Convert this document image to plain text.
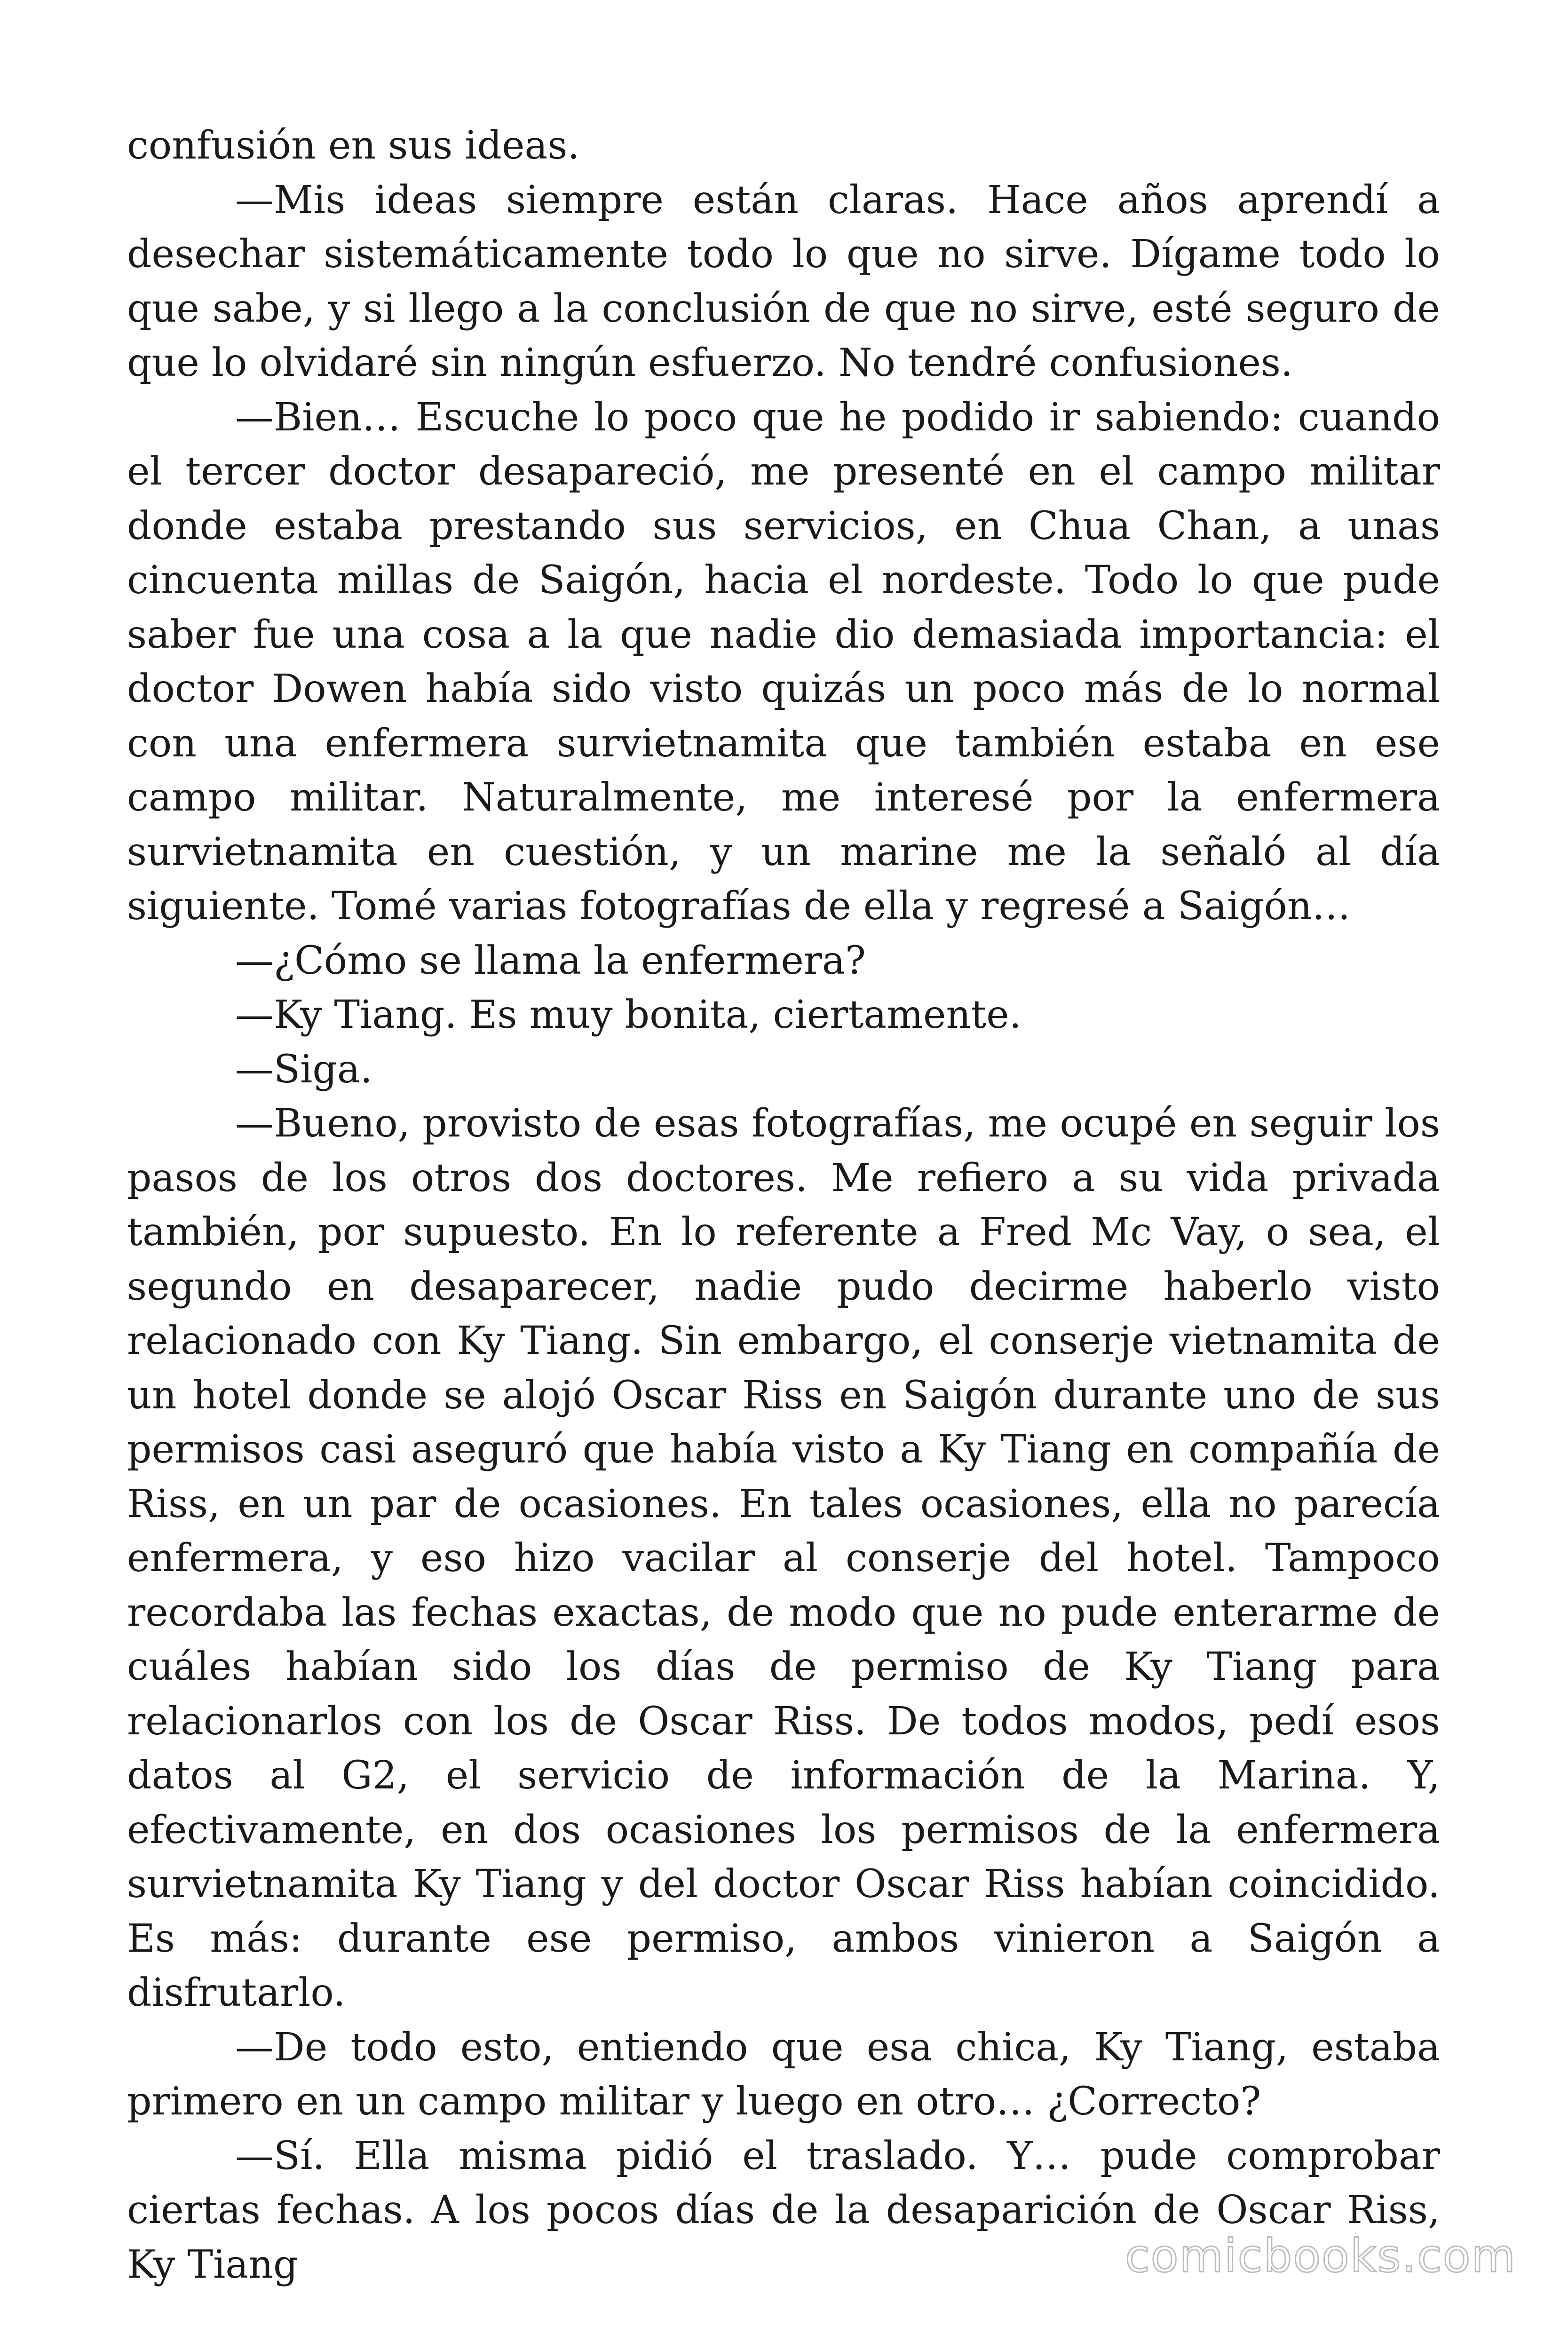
confusión en sus ideas.

—Mis ideas siempre están claras. Hace años aprendí a desechar sistemáticamente todo lo que no sirve. Dígame todo lo que sabe, y si llego a la conclusión de que no sirve, esté seguro de que lo olvidaré sin ningún esfuerzo. No tendré confusiones.

—Bien… Escuche lo poco que he podido ir sabiendo: cuando el tercer doctor desapareció, me presenté en el campo militar donde estaba prestando sus servicios, en Chua Chan, a unas cincuenta millas de Saigón, hacia el nordeste. Todo lo que pude saber fue una cosa a la que nadie dio demasiada importancia: el doctor Dowen había sido visto quizás un poco más de lo normal con una enfermera survietnamita que también estaba en ese campo militar. Naturalmente, me interesé por la enfermera survietnamita en cuestión, y un marine me la señaló al día siguiente. Tomé varias fotografías de ella y regresé a Saigón…

—¿Cómo se llama la enfermera?

—Ky Tiang. Es muy bonita, ciertamente.

—Siga.

—Bueno, provisto de esas fotografías, me ocupé en seguir los pasos de los otros dos doctores. Me refiero a su vida privada también, por supuesto. En lo referente a Fred Mc Vay, o sea, el segundo en desaparecer, nadie pudo decirme haberlo visto relacionado con Ky Tiang. Sin embargo, el conserje vietnamita de un hotel donde se alojó Oscar Riss en Saigón durante uno de sus permisos casi aseguró que había visto a Ky Tiang en compañía de Riss, en un par de ocasiones. En tales ocasiones, ella no parecía enfermera, y eso hizo vacilar al conserje del hotel. Tampoco recordaba las fechas exactas, de modo que no pude enterarme de cuáles habían sido los días de permiso de Ky Tiang para relacionarlos con los de Oscar Riss. De todos modos, pedí esos datos al G2, el servicio de información de la Marina. Y, efectivamente, en dos ocasiones los permisos de la enfermera survietnamita Ky Tiang y del doctor Oscar Riss habían coincidido. Es más: durante ese permiso, ambos vinieron a Saigón a disfrutarlo.

—De todo esto, entiendo que esa chica, Ky Tiang, estaba primero en un campo militar y luego en otro… ¿Correcto?

—Sí. Ella misma pidió el traslado. Y… pude comprobar ciertas fechas. A los pocos días de la desaparición de Oscar Riss, Ky Tiang	comicbooks.com
